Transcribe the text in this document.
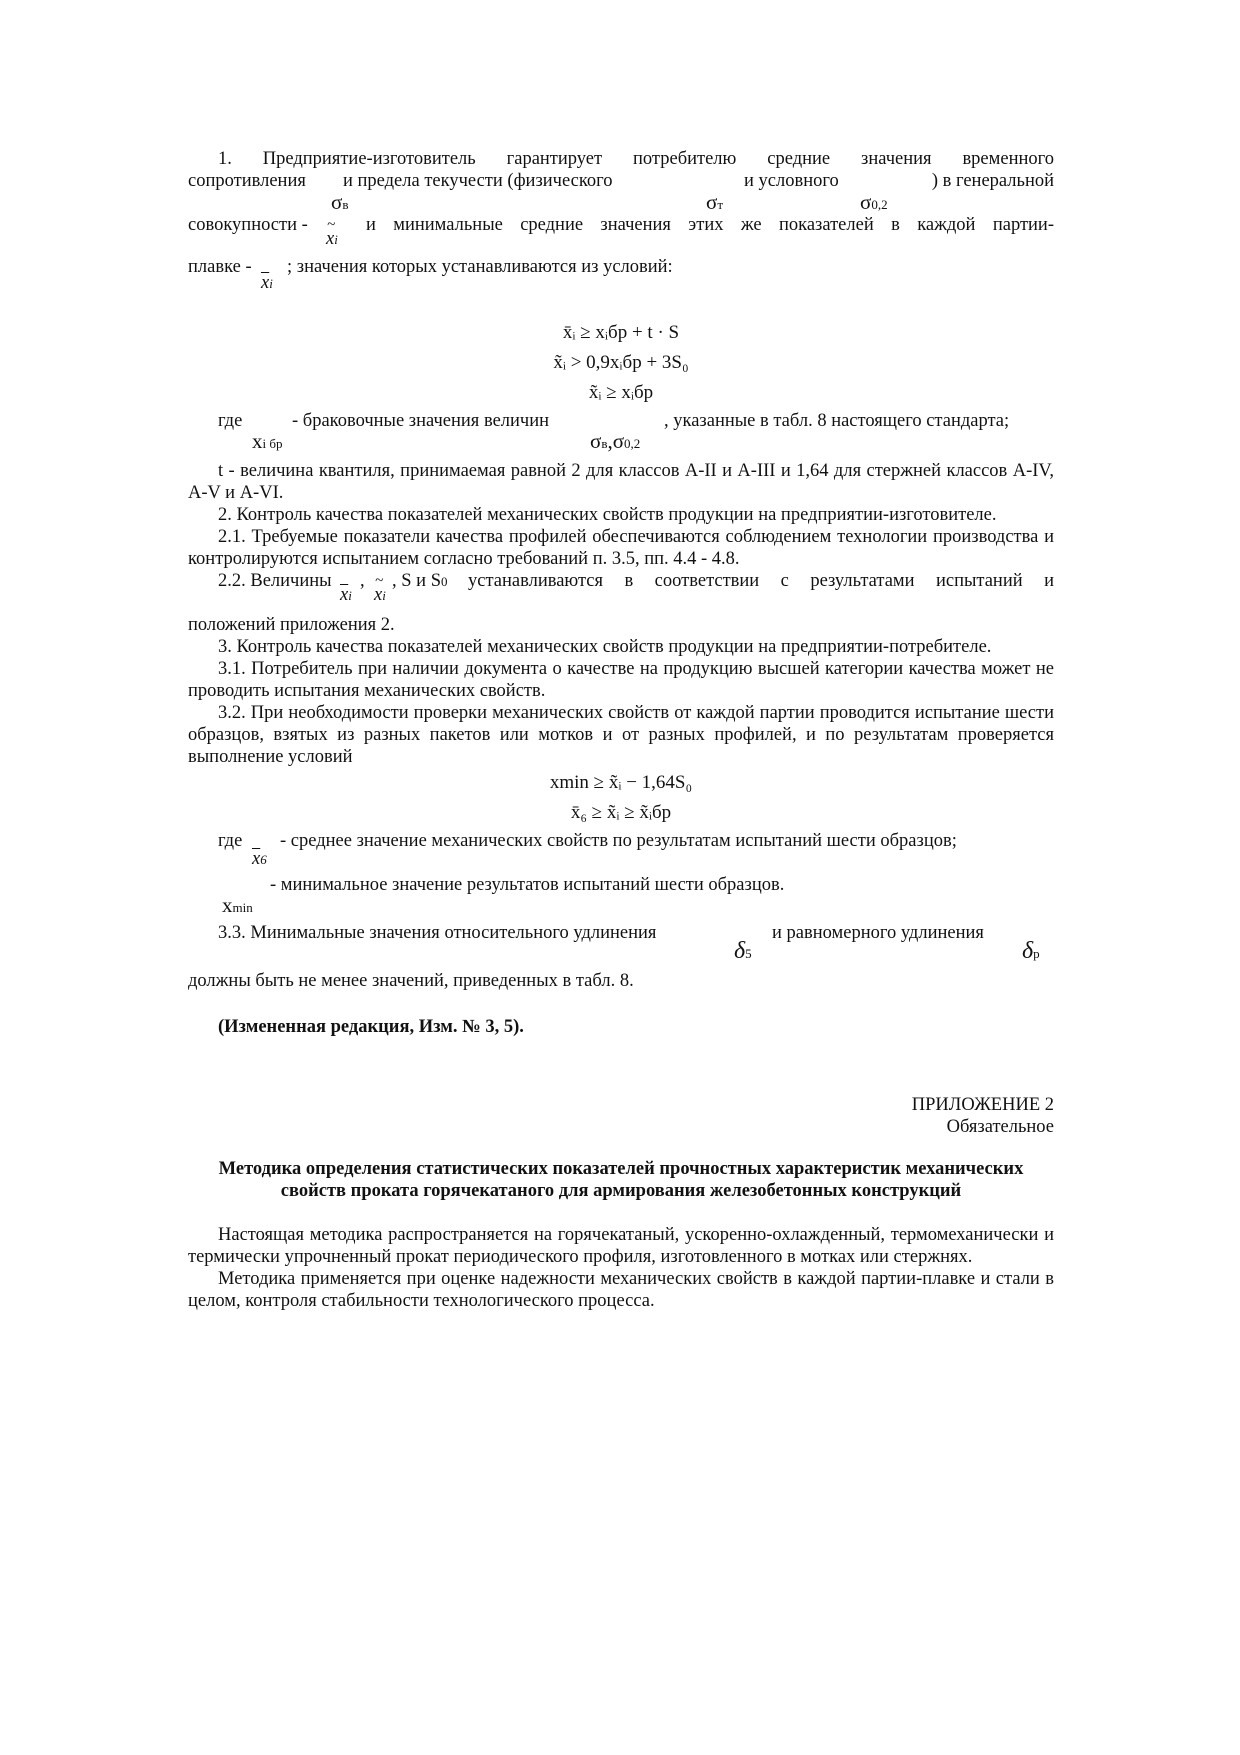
1. Предприятие-изготовитель гарантирует потребителю средние значения временного

сопротивления и предела текучести (физического	и условного	) в генеральной
σв	σт	σ0,2
совокупности -
~ xi
и минимальные средние значения этих же показателей в каждой партии-
плавке -
$\overline{x}i$
; значения которых устанавливаются из условий:

x̄ᵢ ≥ xᵢбр + t · S

x̃ᵢ > 0,9xᵢбр + 3S₀

x̃ᵢ ≥ xᵢбр

где	- браковочные значения величин	, указанные в табл. 8 настоящего стандарта;
хi бр	σв,σ0,2

t - величина квантиля, принимаемая равной 2 для классов А-II и А-III и 1,64 для стержней классов А-IV, А-V и А-VI.

2. Контроль качества показателей механических свойств продукции на предприятии-изготовителе.

2.1. Требуемые показатели качества профилей обеспечиваются соблюдением технологии производства и контролируются испытанием согласно требований п. 3.5, пп. 4.4 - 4.8.

2.2. Величины ,
$\overline{x}i$ ~ xi
, S и S0 устанавливаются в соответствии с результатами испытаний и

положений приложения 2.

3. Контроль качества показателей механических свойств продукции на предприятии-потребителе.

3.1. Потребитель при наличии документа о качестве на продукцию высшей категории качества может не проводить испытания механических свойств.

3.2. При необходимости проверки механических свойств от каждой партии проводится испытание шести образцов, взятых из разных пакетов или мотков и от разных профилей, и по результатам проверяется выполнение условий

xmin ≥ x̃ᵢ − 1,64S₀

x̄₆ ≥ x̃ᵢ ≥ x̃ᵢбр

где
$\overline{x}6$
- среднее значение механических свойств по результатам испытаний шести образцов;
- минимальное значение результатов испытаний шести образцов.
хmin
3.3. Минимальные значения относительного удлинения	и равномерного удлинения
δ5	δр

должны быть не менее значений, приведенных в табл. 8.

(Измененная редакция, Изм. № 3, 5).

ПРИЛОЖЕНИЕ 2

Обязательное

Методика определения статистических показателей прочностных характеристик механических свойств проката горячекатаного для армирования железобетонных конструкций

Настоящая методика распространяется на горячекатаный, ускоренно-охлажденный, термомеханически и термически упрочненный прокат периодического профиля, изготовленного в мотках или стержнях.

Методика применяется при оценке надежности механических свойств в каждой партии-плавке и стали в целом, контроля стабильности технологического процесса.
